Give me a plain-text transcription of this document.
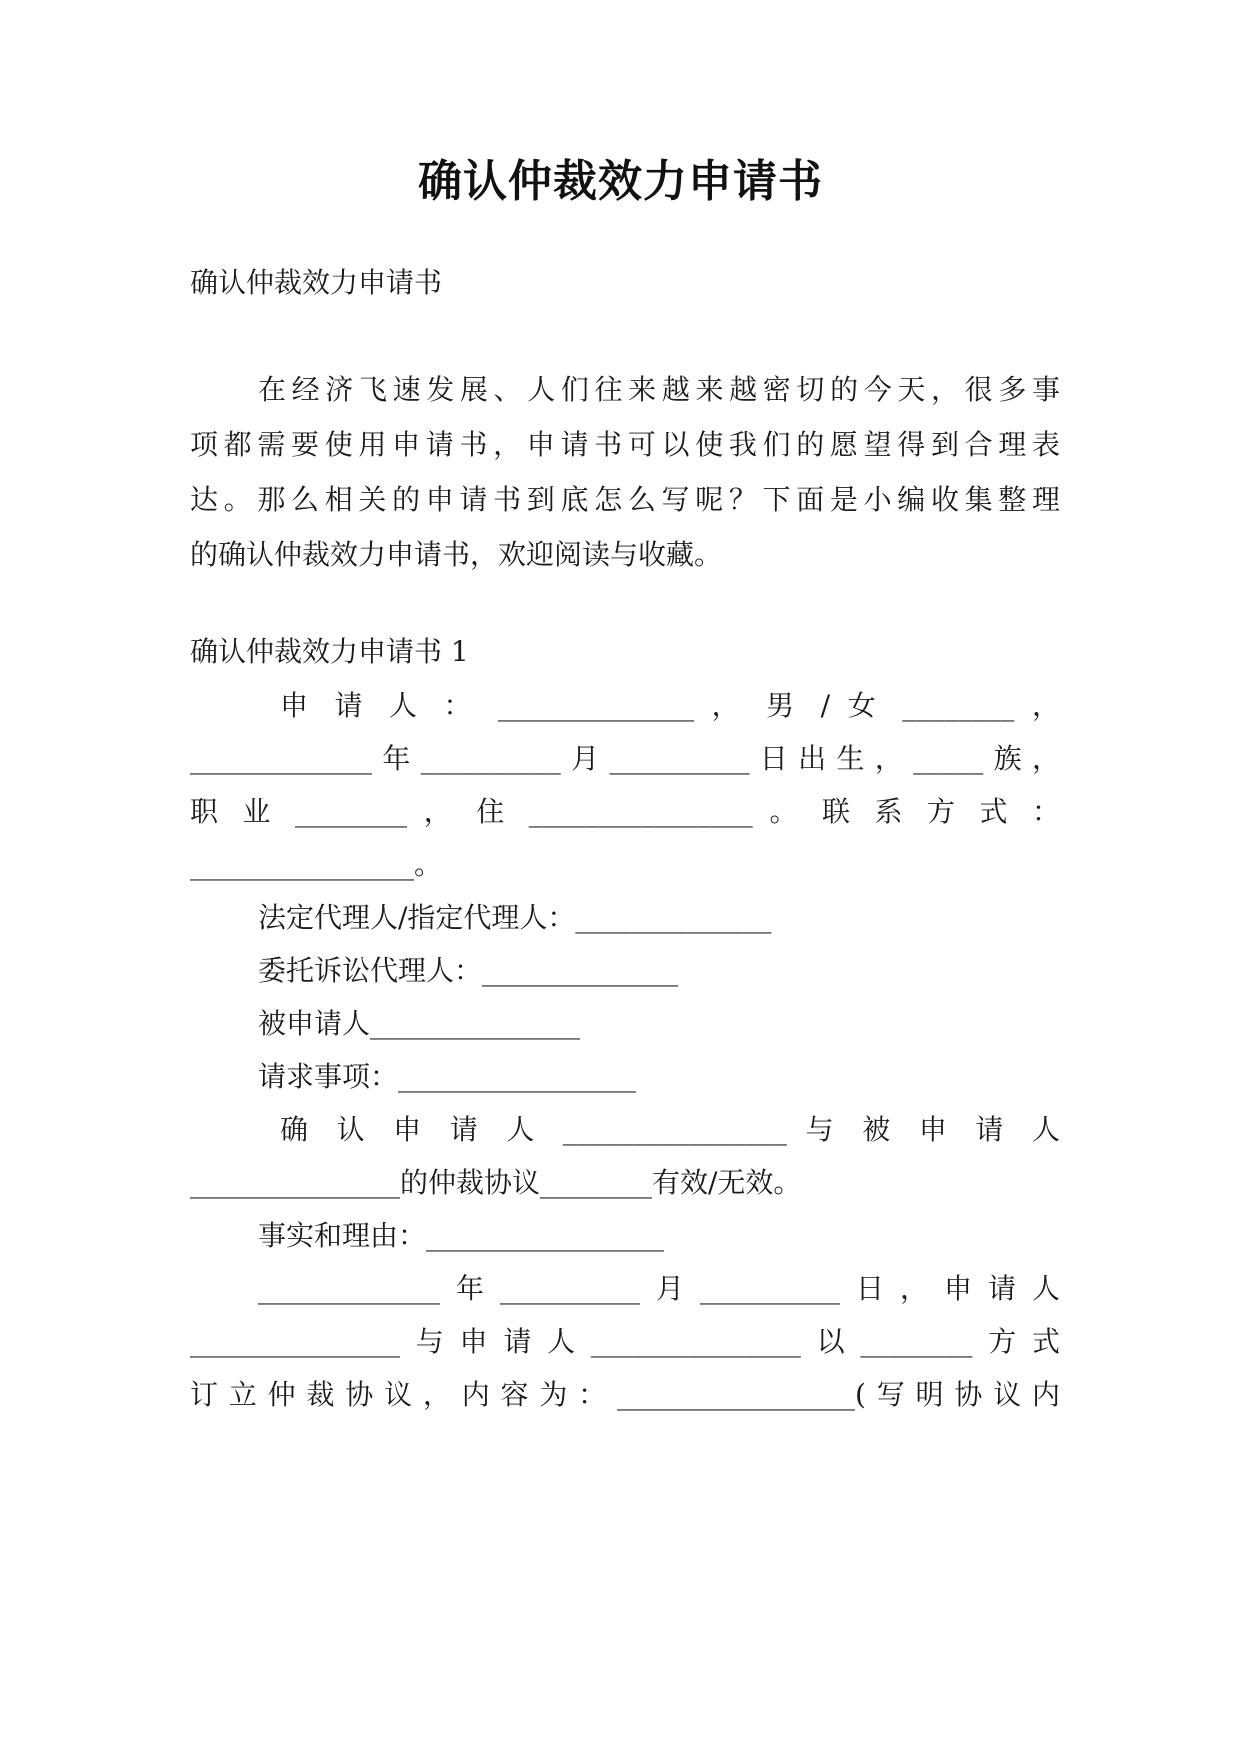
确认仲裁效力申请书
确认仲裁效力申请书
在经济飞速发展、人们往来越来越密切的今天，很多事
项都需要使用申请书，申请书可以使我们的愿望得到合理表
达。那么相关的申请书到底怎么写呢？下面是小编收集整理
的确认仲裁效力申请书，欢迎阅读与收藏。
确认仲裁效力申请书 1
申 请 人 ： ______________ ， 男 / 女 ________ ，
_____________年__________月__________日出生，_____族，
职 业 ________ ， 住 ________________ 。 联 系 方 式 ：
________________。
法定代理人/指定代理人：______________
委托诉讼代理人：______________
被申请人_______________
请求事项：_________________
确 认 申 请 人 ________________ 与 被 申 请 人
_______________的仲裁协议________有效/无效。
事实和理由：_________________
_____________年__________月__________日，申请人
_______________与申请人_______________以________方式
订立仲裁协议，内容为：_________________(写明协议内
